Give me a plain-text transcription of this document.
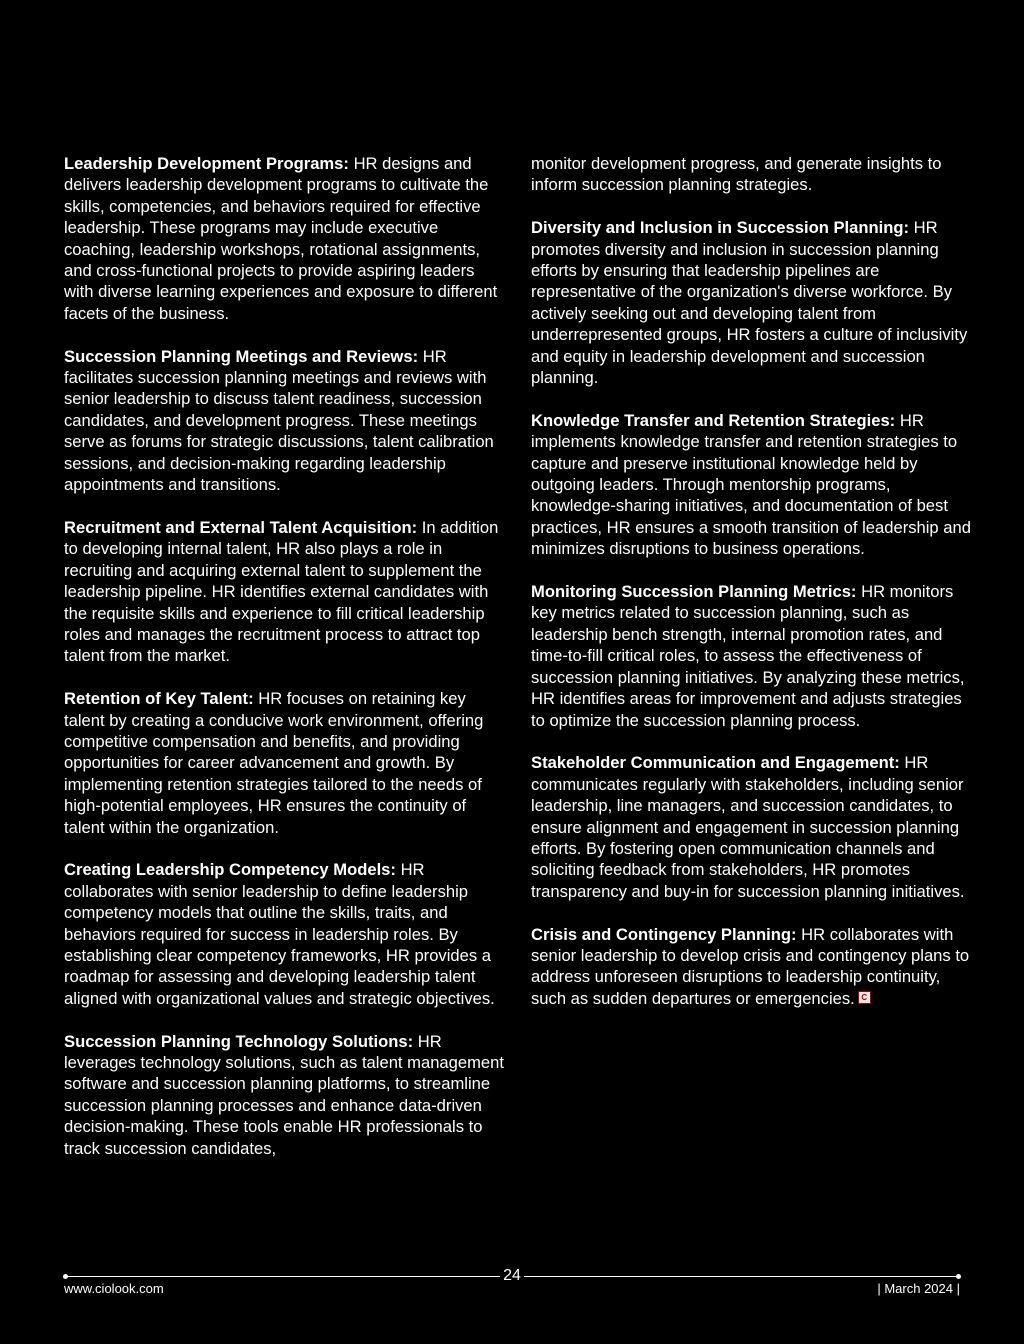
Leadership Development Programs: HR designs and delivers leadership development programs to cultivate the skills, competencies, and behaviors required for effective leadership. These programs may include executive coaching, leadership workshops, rotational assignments, and cross-functional projects to provide aspiring leaders with diverse learning experiences and exposure to different facets of the business.

Succession Planning Meetings and Reviews: HR facilitates succession planning meetings and reviews with senior leadership to discuss talent readiness, succession candidates, and development progress. These meetings serve as forums for strategic discussions, talent calibration sessions, and decision-making regarding leadership appointments and transitions.

Recruitment and External Talent Acquisition: In addition to developing internal talent, HR also plays a role in recruiting and acquiring external talent to supplement the leadership pipeline. HR identifies external candidates with the requisite skills and experience to fill critical leadership roles and manages the recruitment process to attract top talent from the market.

Retention of Key Talent: HR focuses on retaining key talent by creating a conducive work environment, offering competitive compensation and benefits, and providing opportunities for career advancement and growth. By implementing retention strategies tailored to the needs of high-potential employees, HR ensures the continuity of talent within the organization.

Creating Leadership Competency Models: HR collaborates with senior leadership to define leadership competency models that outline the skills, traits, and behaviors required for success in leadership roles. By establishing clear competency frameworks, HR provides a roadmap for assessing and developing leadership talent aligned with organizational values and strategic objectives.

Succession Planning Technology Solutions: HR leverages technology solutions, such as talent management software and succession planning platforms, to streamline succession planning processes and enhance data-driven decision-making. These tools enable HR professionals to track succession candidates,

monitor development progress, and generate insights to inform succession planning strategies.

Diversity and Inclusion in Succession Planning: HR promotes diversity and inclusion in succession planning efforts by ensuring that leadership pipelines are representative of the organization's diverse workforce. By actively seeking out and developing talent from underrepresented groups, HR fosters a culture of inclusivity and equity in leadership development and succession planning.

Knowledge Transfer and Retention Strategies: HR implements knowledge transfer and retention strategies to capture and preserve institutional knowledge held by outgoing leaders. Through mentorship programs, knowledge-sharing initiatives, and documentation of best practices, HR ensures a smooth transition of leadership and minimizes disruptions to business operations.

Monitoring Succession Planning Metrics: HR monitors key metrics related to succession planning, such as leadership bench strength, internal promotion rates, and time-to-fill critical roles, to assess the effectiveness of succession planning initiatives. By analyzing these metrics, HR identifies areas for improvement and adjusts strategies to optimize the succession planning process.

Stakeholder Communication and Engagement: HR communicates regularly with stakeholders, including senior leadership, line managers, and succession candidates, to ensure alignment and engagement in succession planning efforts. By fostering open communication channels and soliciting feedback from stakeholders, HR promotes transparency and buy-in for succession planning initiatives.

Crisis and Contingency Planning: HR collaborates with senior leadership to develop crisis and contingency plans to address unforeseen disruptions to leadership continuity, such as sudden departures or emergencies. C

24
www.ciolook.com	| March 2024 |
